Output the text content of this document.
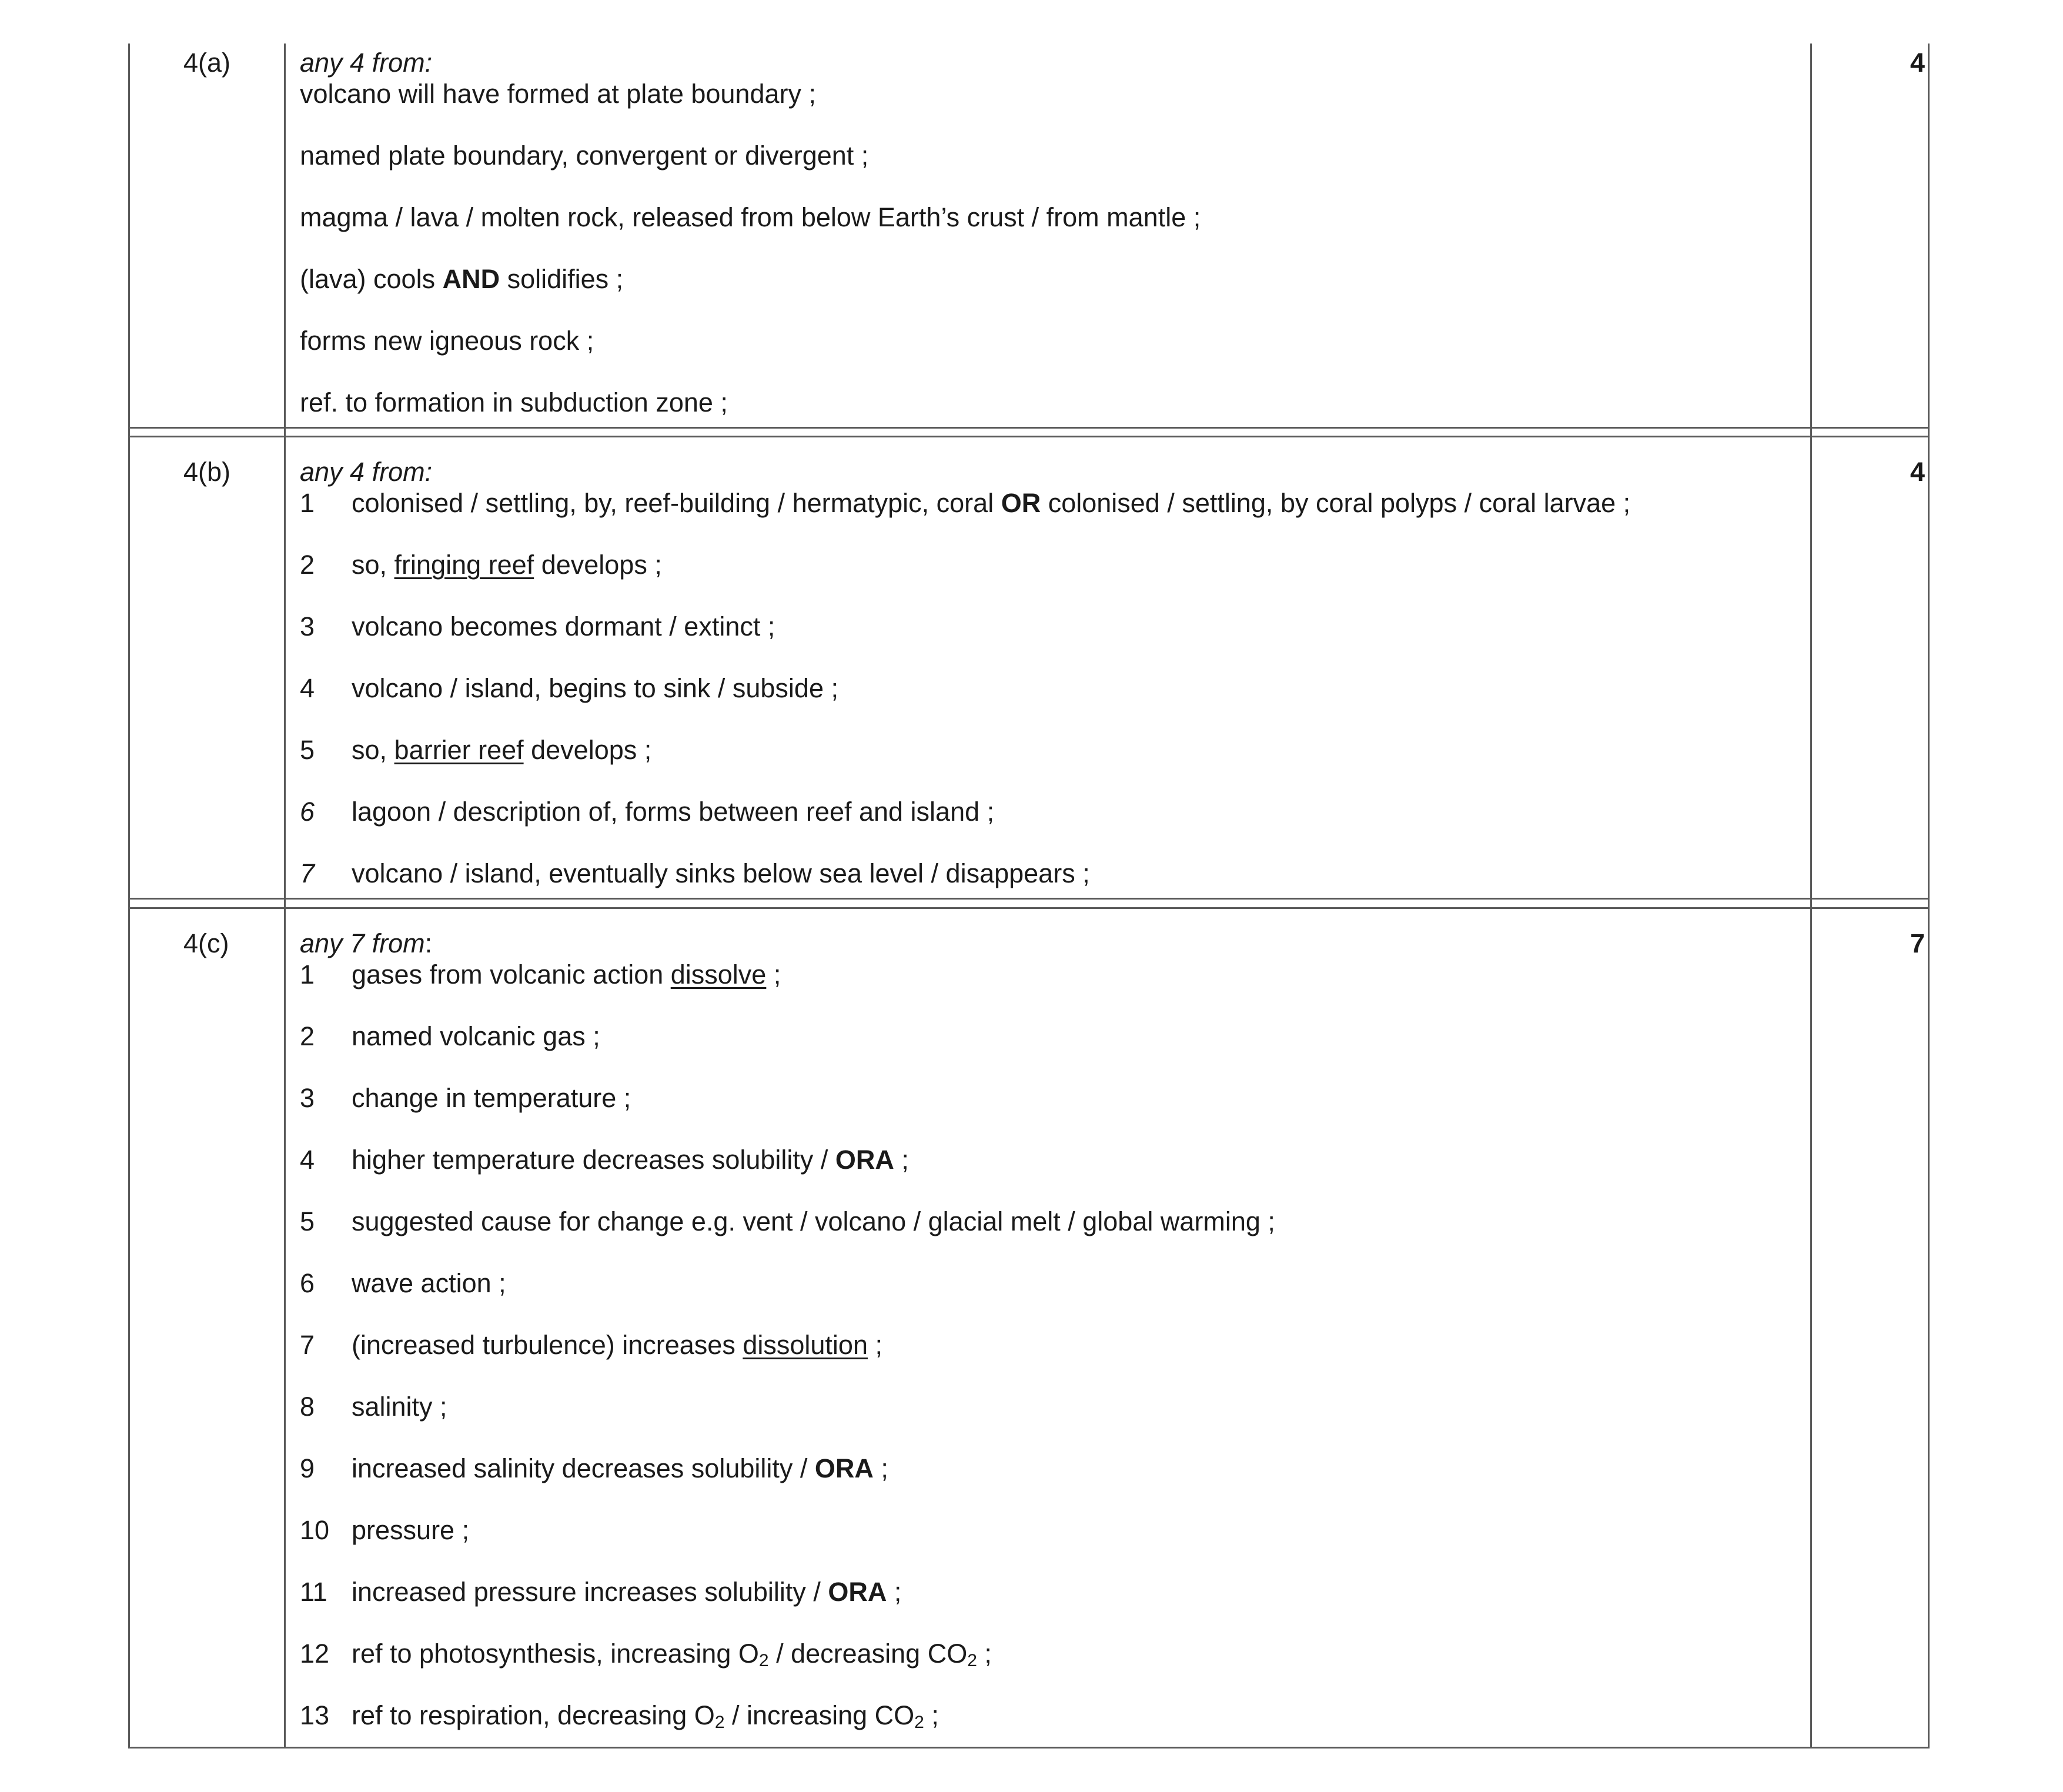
4(a)	4
any 4 from:
volcano will have formed at plate boundary ;
named plate boundary, convergent or divergent ;
magma / lava / molten rock, released from below Earth’s crust / from mantle ;
(lava) cools AND solidifies ;
forms new igneous rock ;
ref. to formation in subduction zone ;
4(b)	4
any 4 from:
1	colonised / settling, by, reef-building / hermatypic, coral OR colonised / settling, by coral polyps / coral larvae ;
2	so, fringing reef develops ;
3	volcano becomes dormant / extinct ;
4	volcano / island, begins to sink / subside ;
5	so, barrier reef develops ;
6	lagoon / description of, forms between reef and island ;
7	volcano / island, eventually sinks below sea level / disappears ;
4(c)	7
any 7 from:
1	gases from volcanic action dissolve ;
2	named volcanic gas ;
3	change in temperature ;
4	higher temperature decreases solubility / ORA ;
5	suggested cause for change e.g. vent / volcano / glacial melt / global warming ;
6	wave action ;
7	(increased turbulence) increases dissolution ;
8	salinity ;
9	increased salinity decreases solubility / ORA ;
10 pressure ;
11 increased pressure increases solubility / ORA ;
12 ref to photosynthesis, increasing $O_2$ / decreasing $CO_2$ ;
13 ref to respiration, decreasing $O_2$ / increasing $CO_2$ ;
